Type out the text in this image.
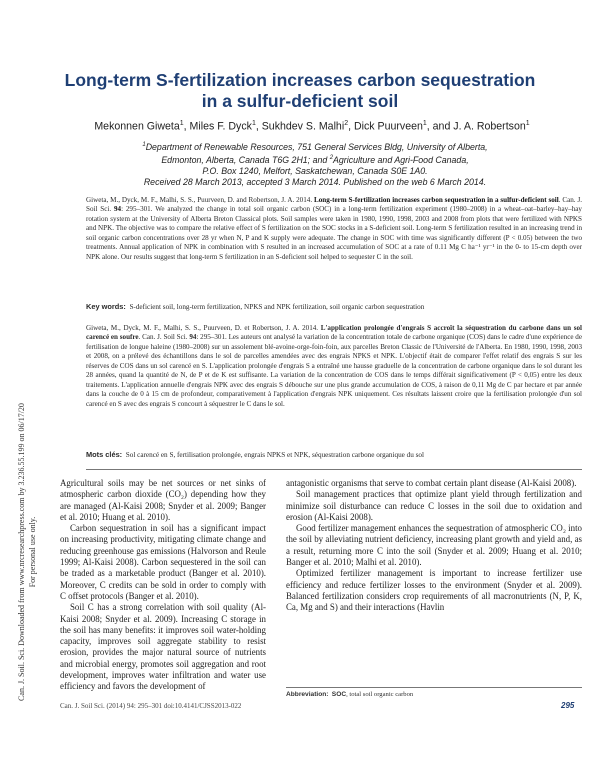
Can. J. Soil. Sci. Downloaded from www.nrcresearchpress.com by 3.236.55.199 on 06/17/20 For personal use only.
Long-term S-fertilization increases carbon sequestration
in a sulfur-deficient soil
Mekonnen Giweta$^1$, Miles F. Dyck$^1$, Sukhdev S. Malhi$^2$, Dick Puurveen$^1$, and J. A. Robertson$^1$
$^1$Department of Renewable Resources, 751 General Services Bldg, University of Alberta,
Edmonton, Alberta, Canada T6G 2H1; and $^2$Agriculture and Agri-Food Canada,
P.O. Box 1240, Melfort, Saskatchewan, Canada S0E 1A0.
Received 28 March 2013, accepted 3 March 2014. Published on the web 6 March 2014.
Giweta, M., Dyck, M. F., Malhi, S. S., Puurveen, D. and Robertson, J. A. 2014. Long-term S-fertilization increases carbon sequestration in a sulfur-deficient soil. Can. J. Soil Sci. 94: 295–301. We analyzed the change in total soil organic carbon (SOC) in a long-term fertilization experiment (1980–2008) in a wheat–oat–barley–hay–hay rotation system at the University of Alberta Breton Classical plots. Soil samples were taken in 1980, 1990, 1998, 2003 and 2008 from plots that were fertilized with NPKS and NPK. The objective was to compare the relative effect of S fertilization on the SOC stocks in a S-deficient soil. Long-term S fertilization resulted in an increasing trend in soil organic carbon concentrations over 28 yr when N, P and K supply were adequate. The change in SOC with time was significantly different (P < 0.05) between the two treatments. Annual application of NPK in combination with S resulted in an increased accumulation of SOC at a rate of 0.11 Mg C ha⁻¹ yr⁻¹ in the 0- to 15-cm depth over NPK alone. Our results suggest that long-term S fertilization in an S-deficient soil helped to sequester C in the soil.
Key words: S-deficient soil, long-term fertilization, NPKS and NPK fertilization, soil organic carbon sequestration
Giweta, M., Dyck, M. F., Malhi, S. S., Puurveen, D. et Robertson, J. A. 2014. L'application prolongée d'engrais S accroît la séquestration du carbone dans un sol carencé en soufre. Can. J. Soil Sci. 94: 295–301. Les auteurs ont analysé la variation de la concentration totale de carbone organique (COS) dans le cadre d'une expérience de fertilisation de longue haleine (1980–2008) sur un assolement blé-avoine-orge-foin-foin, aux parcelles Breton Classic de l'Université de l'Alberta. En 1980, 1990, 1998, 2003 et 2008, on a prélevé des échantillons dans le sol de parcelles amendées avec des engrais NPKS et NPK. L'objectif était de comparer l'effet relatif des engrais S sur les réserves de COS dans un sol carencé en S. L'application prolongée d'engrais S a entraîné une hausse graduelle de la concentration de carbone organique dans le sol durant les 28 années, quand la quantité de N, de P et de K est suffisante. La variation de la concentration de COS dans le temps différait significativement (P < 0,05) entre les deux traitements. L'application annuelle d'engrais NPK avec des engrais S débouche sur une plus grande accumulation de COS, à raison de 0,11 Mg de C par hectare et par année dans la couche de 0 à 15 cm de profondeur, comparativement à l'application d'engrais NPK uniquement. Ces résultats laissent croire que la fertilisation prolongée d'un sol carencé en S avec des engrais S concourt à séquestrer le C dans le sol.
Mots clés: Sol carencé en S, fertilisation prolongée, engrais NPKS et NPK, séquestration carbone organique du sol

Agricultural soils may be net sources or net sinks of atmospheric carbon dioxide (CO₂) depending how they are managed (Al-Kaisi 2008; Snyder et al. 2009; Banger et al. 2010; Huang et al. 2010).

Carbon sequestration in soil has a significant impact on increasing productivity, mitigating climate change and reducing greenhouse gas emissions (Halvorson and Reule 1999; Al-Kaisi 2008). Carbon sequestered in the soil can be traded as a marketable product (Banger et al. 2010). Moreover, C credits can be sold in order to comply with C offset protocols (Banger et al. 2010).

Soil C has a strong correlation with soil quality (Al-Kaisi 2008; Snyder et al. 2009). Increasing C storage in the soil has many benefits: it improves soil water-holding capacity, improves soil aggregate stability to resist erosion, provides the major natural source of nutrients and microbial energy, promotes soil aggregation and root development, improves water infiltration and water use efficiency and favors the development of

antagonistic organisms that serve to combat certain plant disease (Al-Kaisi 2008).

Soil management practices that optimize plant yield through fertilization and minimize soil disturbance can reduce C losses in the soil due to oxidation and erosion (Al-Kaisi 2008).

Good fertilizer management enhances the sequestration of atmospheric CO₂ into the soil by alleviating nutrient deficiency, increasing plant growth and yield and, as a result, returning more C into the soil (Snyder et al. 2009; Huang et al. 2010; Banger et al. 2010; Malhi et al. 2010).

Optimized fertilizer management is important to increase fertilizer use efficiency and reduce fertilizer losses to the environment (Snyder et al. 2009). Balanced fertilization considers crop requirements of all macronutrients (N, P, K, Ca, Mg and S) and their interactions (Havlin

Abbreviation: SOC, total soil organic carbon
Can. J. Soil Sci. (2014) 94: 295–301 doi:10.4141/CJSS2013-022	295
